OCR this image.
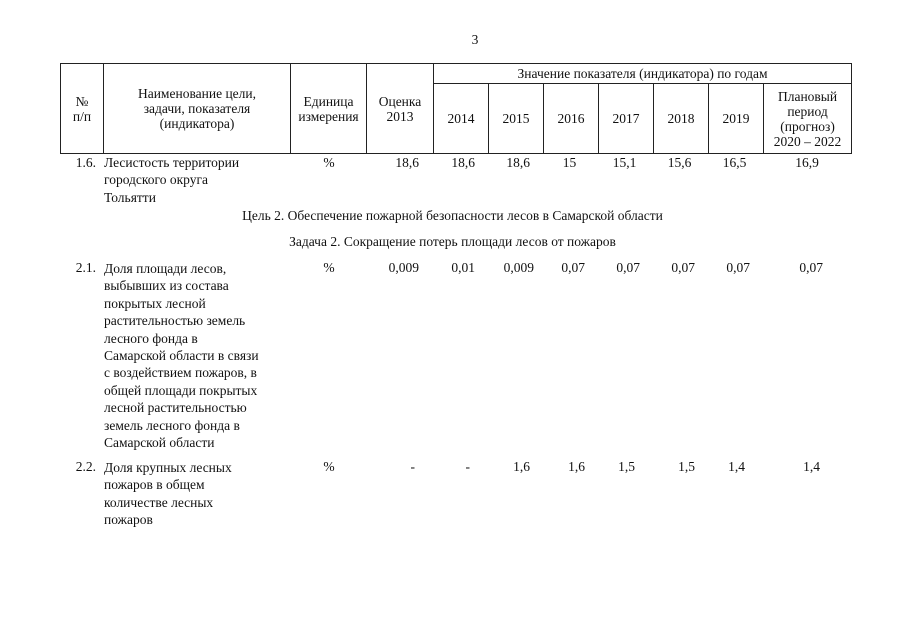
3
№
п/п	Наименование цели,
задачи, показателя
(индикатора)	Единица
измерения	Оценка
2013	Значение показателя (индикатора) по годам						
				2014	2015	2016	2017	2018	2019	Плановый
период
(прогноз)
2020 – 2022
1.6. Лесистость территории
городского округа
Тольятти
%	18,6	18,6	18,6	15	15,1	15,6	16,5	16,9
Цель 2. Обеспечение пожарной безопасности лесов в Самарской области
Задача 2. Сокращение потерь площади лесов от пожаров
2.1. Доля площади лесов,
выбывших из состава
покрытых лесной
растительностью земель
лесного фонда в
Самарской области в связи
с воздействием пожаров, в
общей площади покрытых
лесной растительностью
земель лесного фонда в
Самарской области
%	0,009	0,01	0,009	0,07	0,07	0,07	0,07	0,07
2.2. Доля крупных лесных
пожаров в общем
количестве лесных
пожаров
%	-	-	1,6	1,6	1,5	1,5	1,4	1,4
